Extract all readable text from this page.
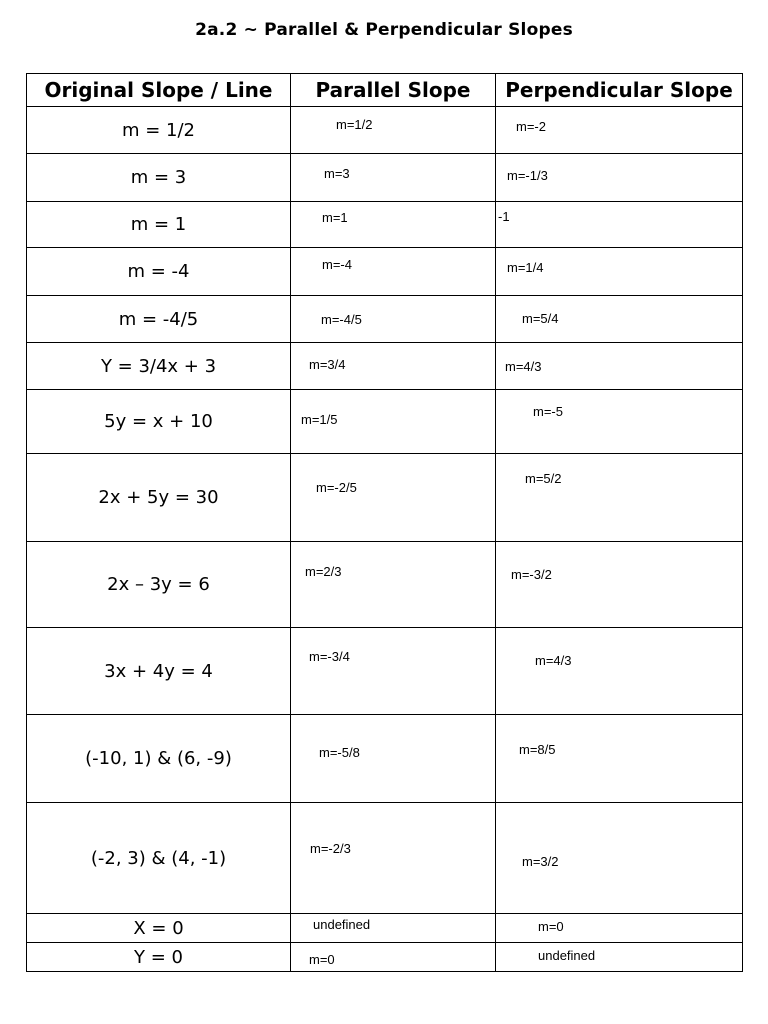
2a.2 ~ Parallel & Perpendicular Slopes
Original Slope / Line	Parallel Slope	Perpendicular Slope
m = 1/2	m=1/2	m=-2

m = 3	m=3	m=-1/3

m = 1	m=1	-1

m = -4	m=-4	m=1/4

m = -4/5	m=-4/5	m=5/4

Y = 3/4x + 3	m=3/4	m=4/3

5y = x + 10	m=1/5	m=-5

2x + 5y = 30	m=-2/5	m=5/2

2x – 3y = 6	m=2/3	m=-3/2

3x + 4y = 4	m=-3/4	m=4/3

(-10, 1) & (6, -9)	m=-5/8	m=8/5

(-2, 3) & (4, -1)	m=-2/3	m=3/2

X = 0	undefined	m=0

Y = 0	m=0	undefined
